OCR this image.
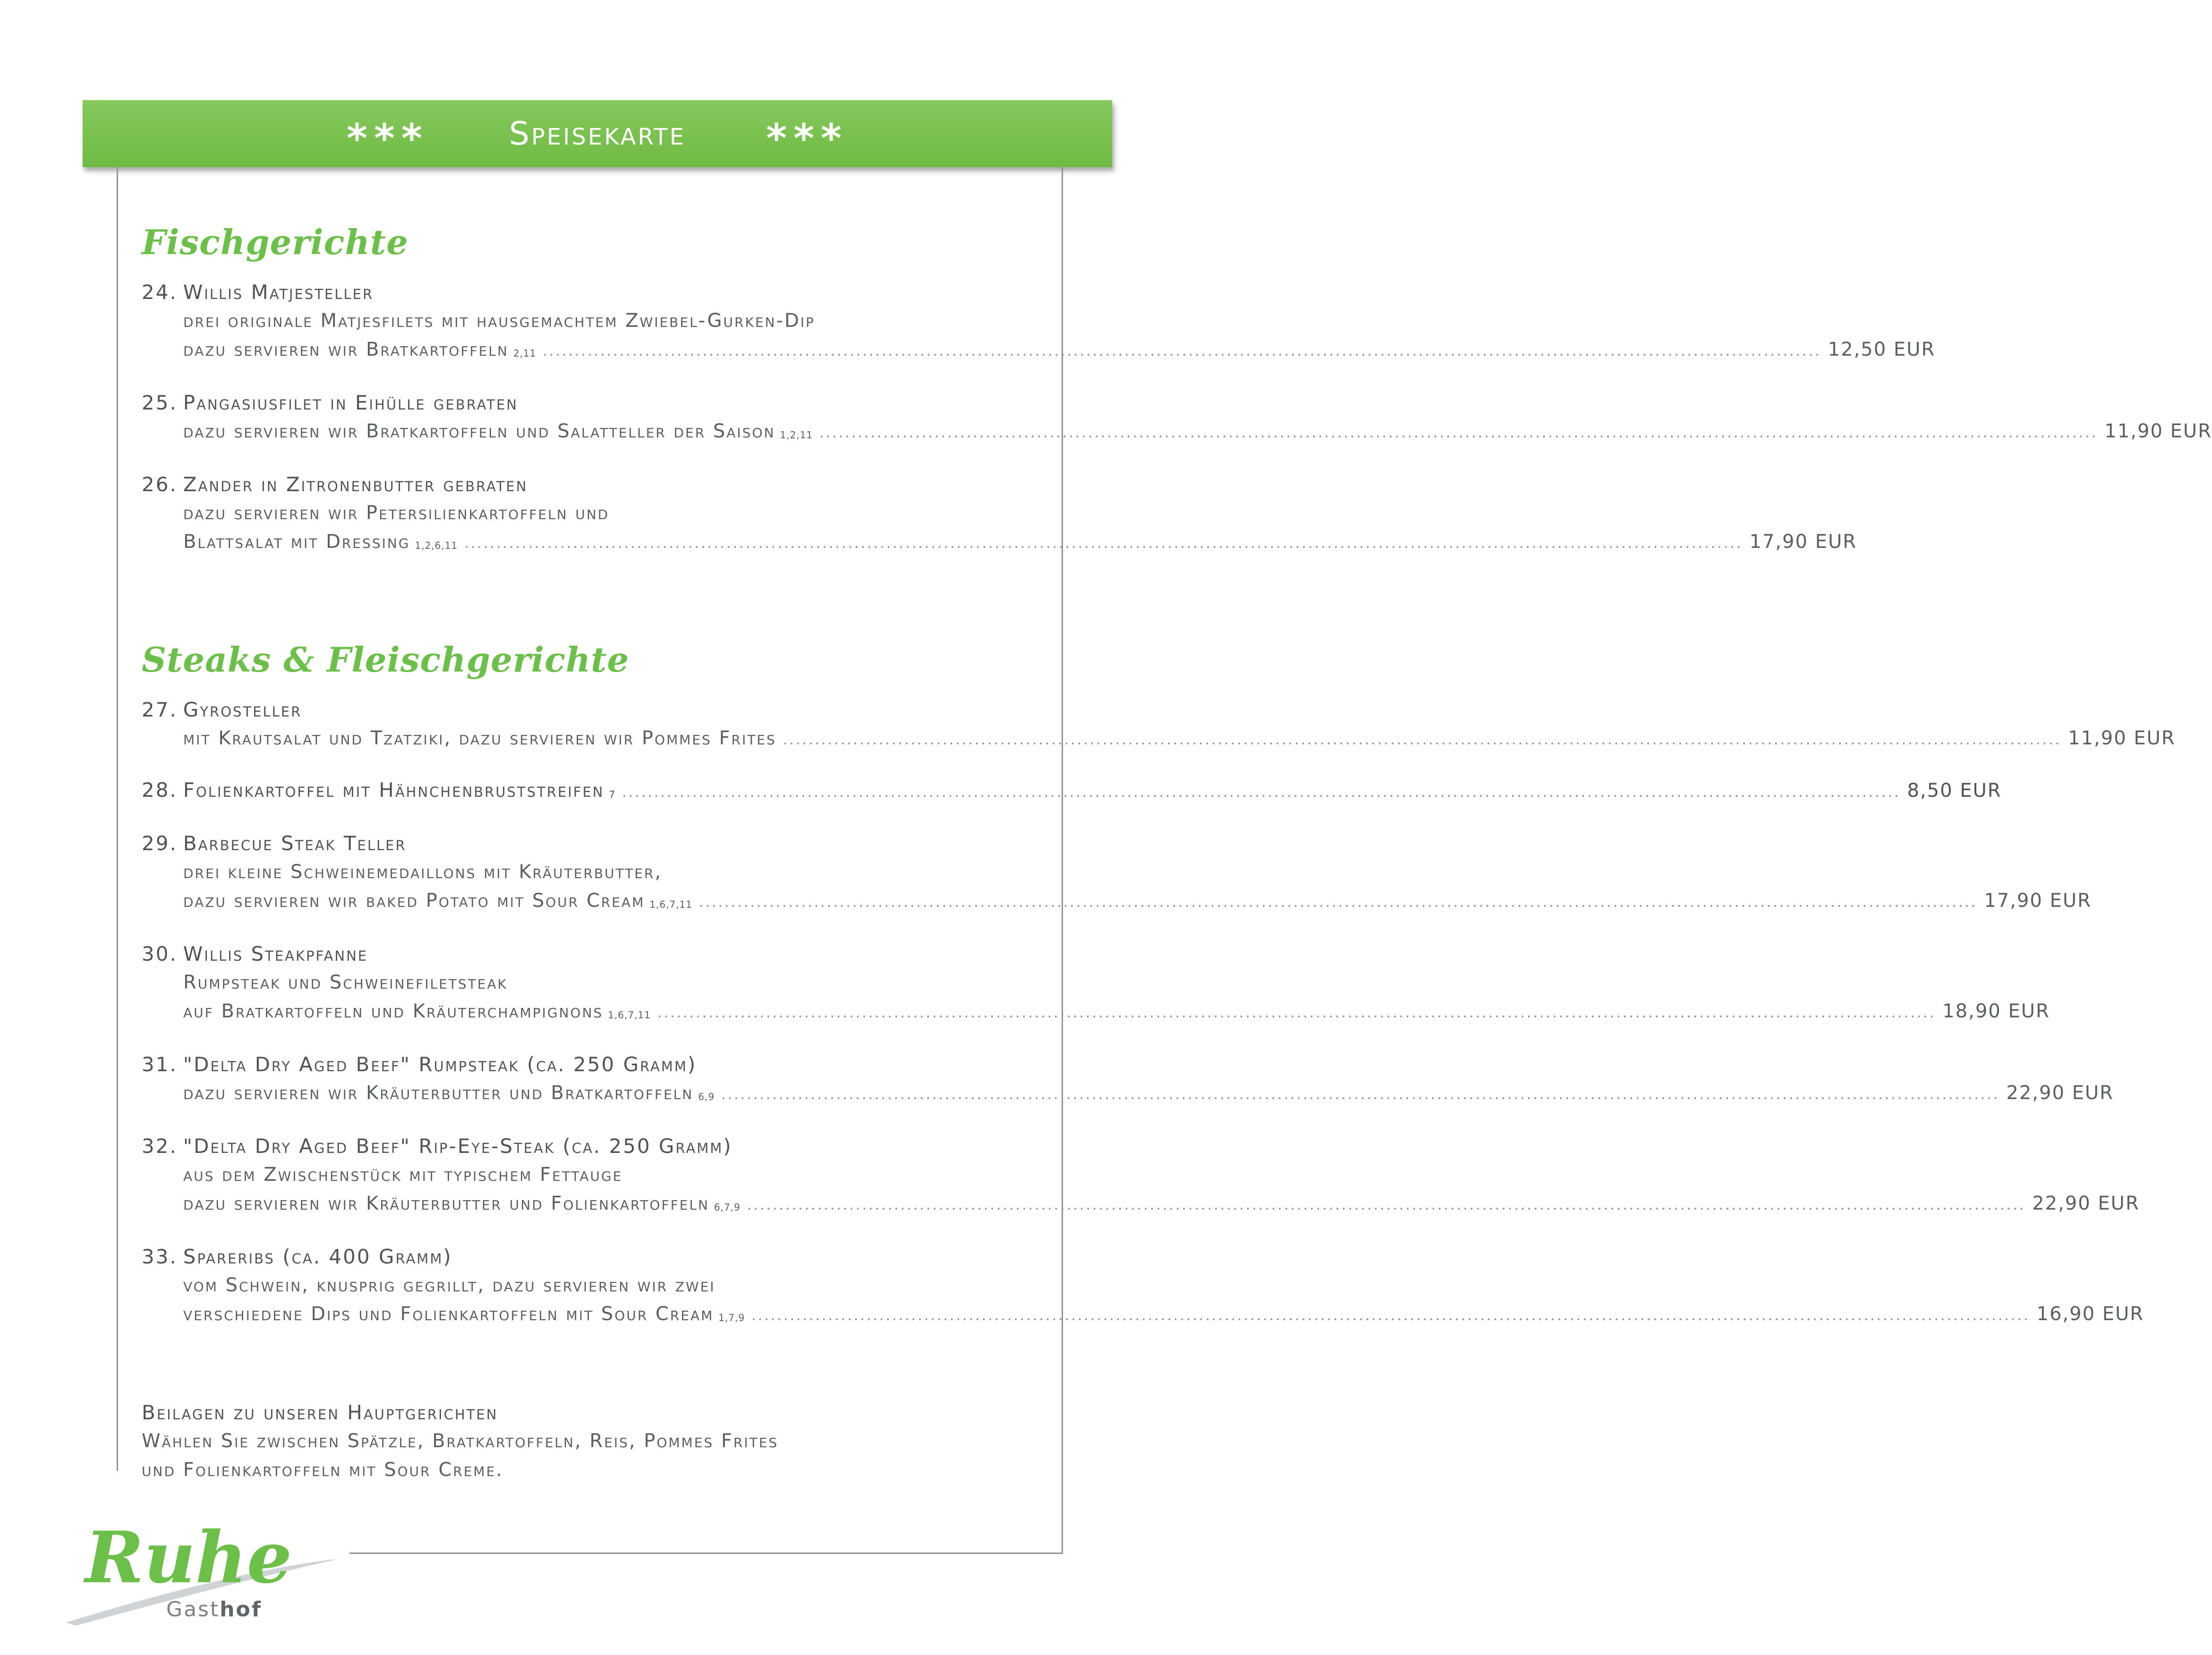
***	Speisekarte ***
Fischgerichte
24. Willis Matjesteller
drei originale Matjesfilets mit hausgemachtem Zwiebel-Gurken-Dip
dazu servieren wir Bratkartoffeln 2,11 ........................................................................................................................................................................................................ 12,50 EUR
25. Pangasiusfilet in Eihülle gebraten
dazu servieren wir Bratkartoffeln und Salatteller der Saison 1,2,11 ........................................................................................................................................................................................................ 11,90 EUR
26. Zander in Zitronenbutter gebraten
dazu servieren wir Petersilienkartoffeln und
Blattsalat mit Dressing 1,2,6,11 ........................................................................................................................................................................................................ 17,90 EUR
Steaks & Fleischgerichte
27. Gyrosteller
mit Krautsalat und Tzatziki, dazu servieren wir Pommes Frites ........................................................................................................................................................................................................ 11,90 EUR
28. Folienkartoffel mit Hähnchenbruststreifen 7 ........................................................................................................................................................................................................ 8,50 EUR
29. Barbecue Steak Teller
drei kleine Schweinemedaillons mit Kräuterbutter,
dazu servieren wir baked Potato mit Sour Cream 1,6,7,11 ........................................................................................................................................................................................................ 17,90 EUR
30. Willis Steakpfanne
Rumpsteak und Schweinefiletsteak
auf Bratkartoffeln und Kräuterchampignons 1,6,7,11 ........................................................................................................................................................................................................ 18,90 EUR
31. "Delta Dry Aged Beef" Rumpsteak (ca. 250 Gramm)
dazu servieren wir Kräuterbutter und Bratkartoffeln 6,9 ........................................................................................................................................................................................................ 22,90 EUR
32. "Delta Dry Aged Beef" Rip-Eye-Steak (ca. 250 Gramm)
aus dem Zwischenstück mit typischem Fettauge
dazu servieren wir Kräuterbutter und Folienkartoffeln 6,7,9 ........................................................................................................................................................................................................ 22,90 EUR
33. Spareribs (ca. 400 Gramm)
vom Schwein, knusprig gegrillt, dazu servieren wir zwei
verschiedene Dips und Folienkartoffeln mit Sour Cream 1,7,9 ........................................................................................................................................................................................................ 16,90 EUR
Beilagen zu unseren Hauptgerichten
Wählen Sie zwischen Spätzle, Bratkartoffeln, Reis, Pommes Frites
und Folienkartoffeln mit Sour Creme.
Ruhe
Gasthof
